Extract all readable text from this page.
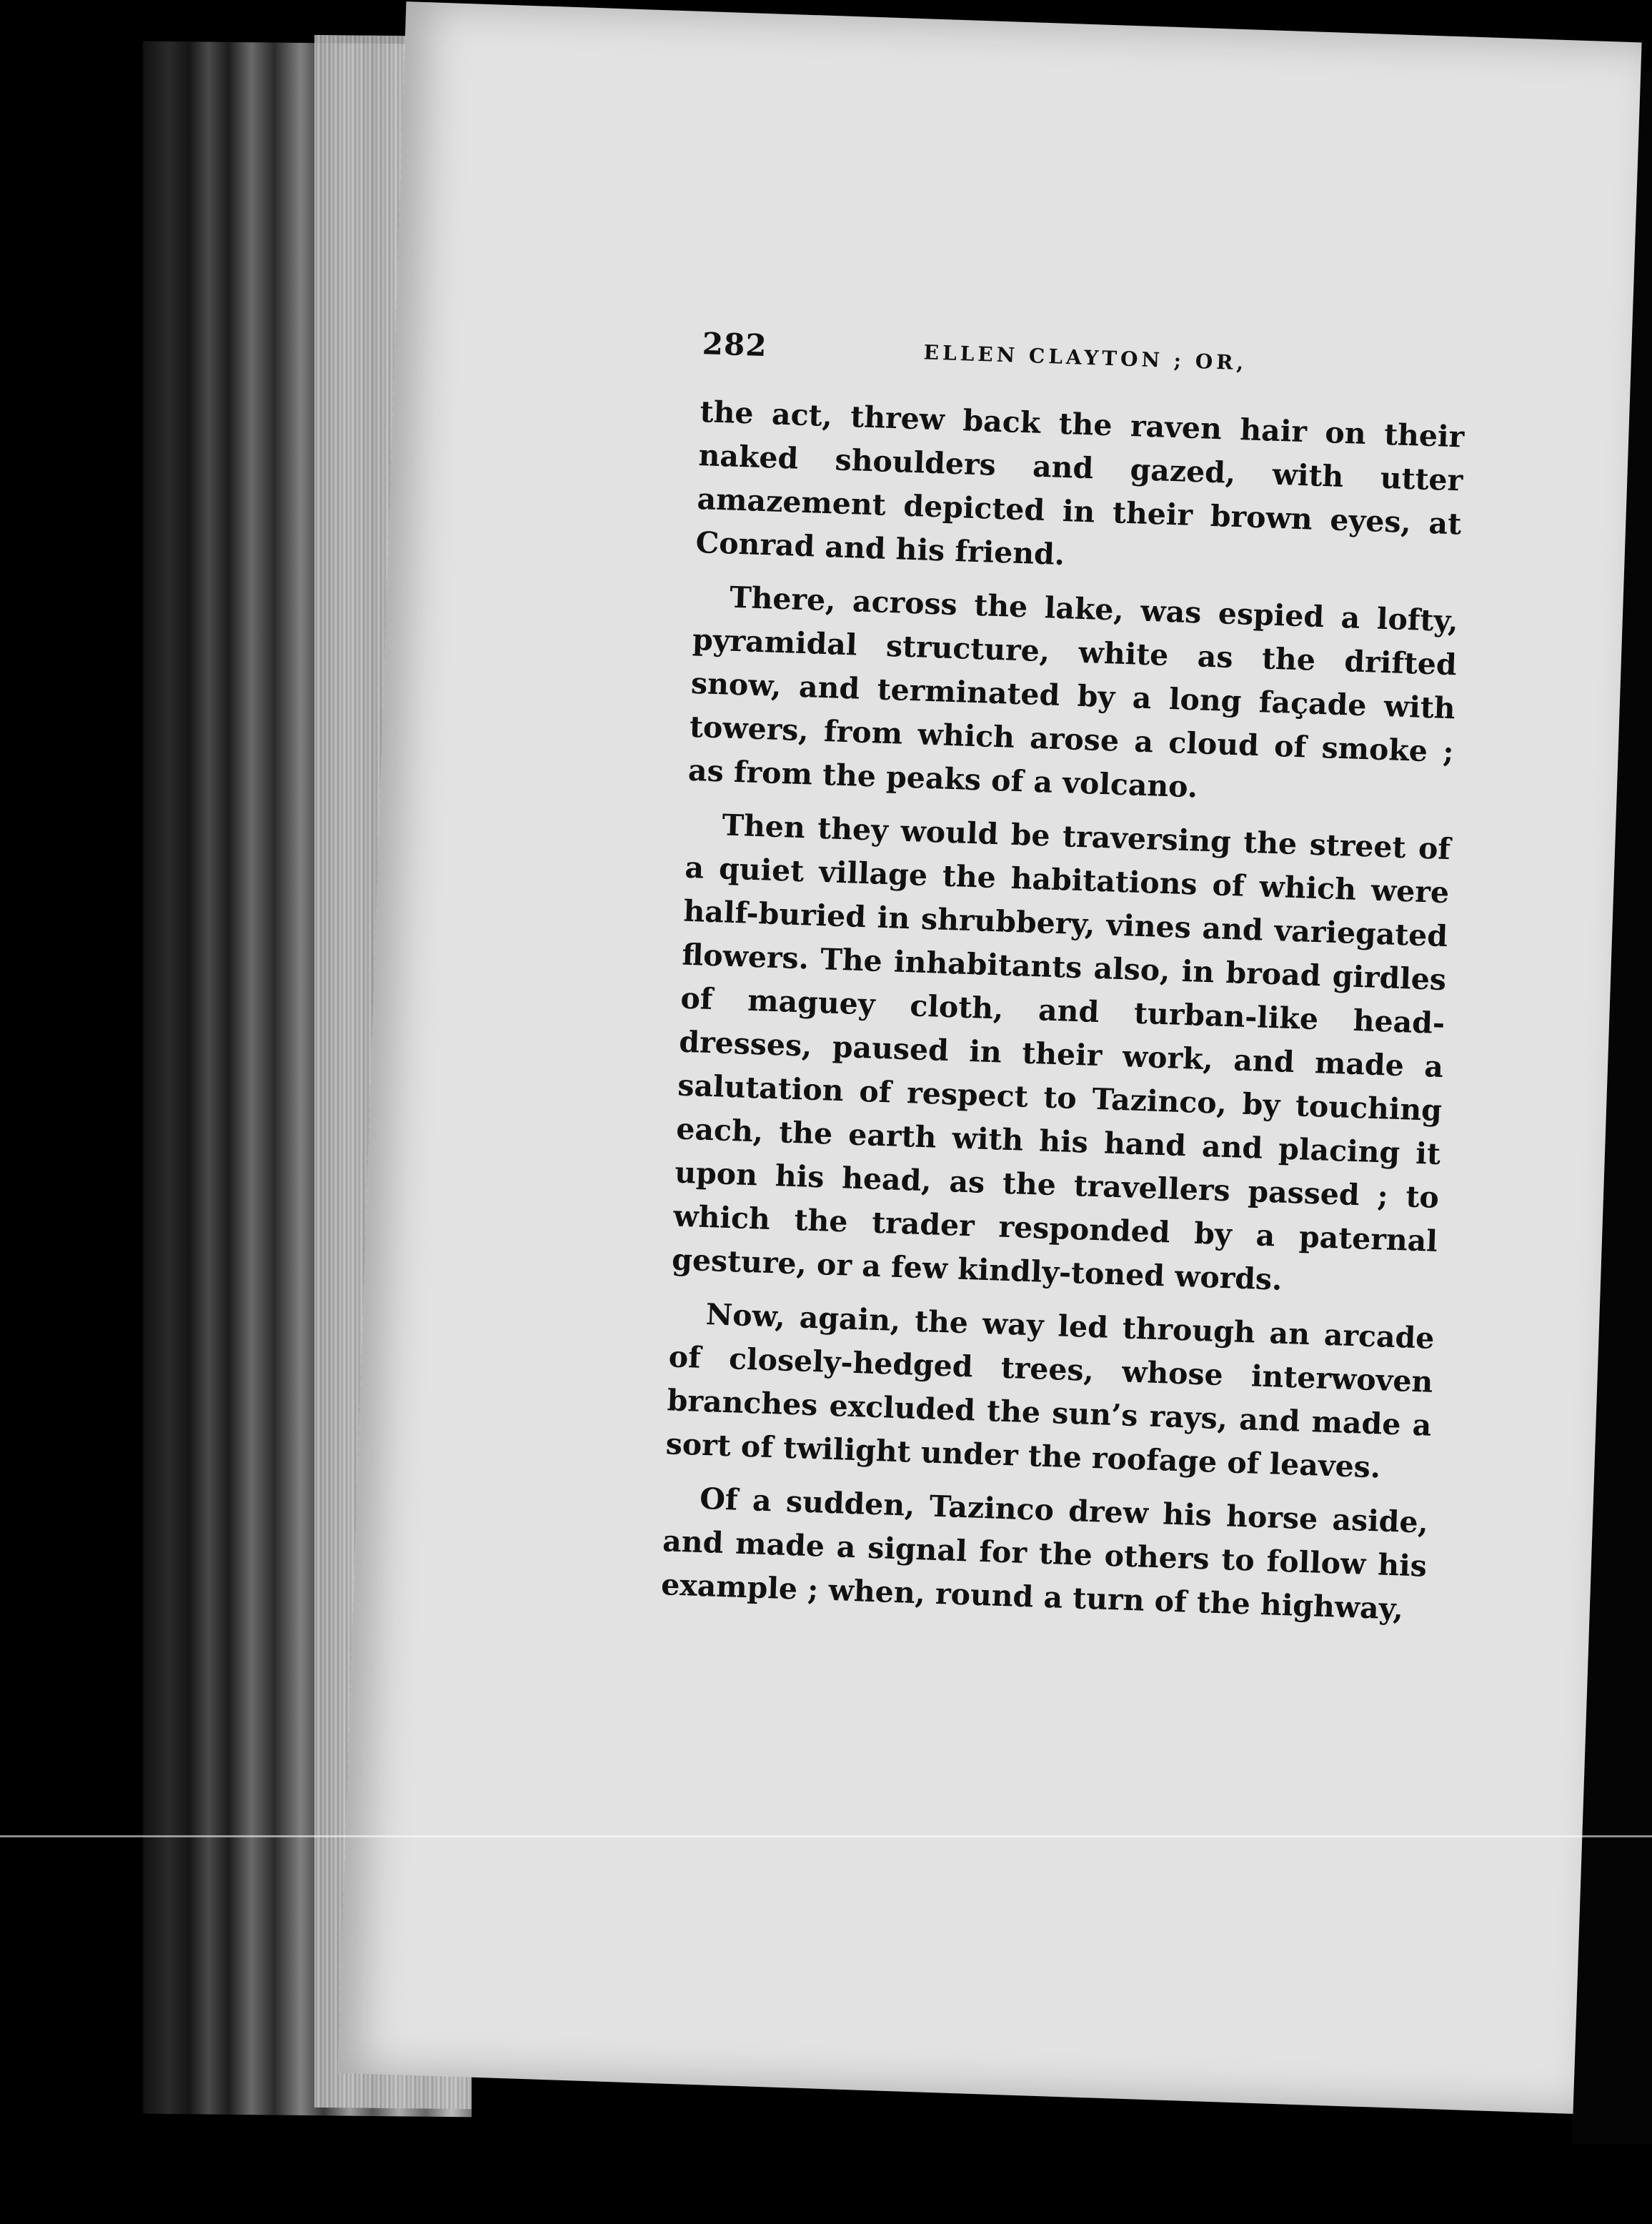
282	ELLEN CLAYTON ; OR,

the act, threw back the raven hair on their naked shoulders and gazed, with utter amazement depicted in their brown eyes, at Conrad and his friend.

There, across the lake, was espied a lofty, pyramidal structure, white as the drifted snow, and terminated by a long façade with towers, from which arose a cloud of smoke ; as from the peaks of a volcano.

Then they would be traversing the street of a quiet village the habitations of which were half-buried in shrubbery, vines and variegated flowers. The inhabitants also, in broad girdles of maguey cloth, and turban-like head-dresses, paused in their work, and made a salutation of respect to Tazinco, by touching each, the earth with his hand and placing it upon his head, as the travellers passed ; to which the trader responded by a paternal gesture, or a few kindly-toned words.

Now, again, the way led through an arcade of closely-hedged trees, whose interwoven branches excluded the sun’s rays, and made a sort of twilight under the roofage of leaves.

Of a sudden, Tazinco drew his horse aside, and made a signal for the others to follow his example ; when, round a turn of the highway,
